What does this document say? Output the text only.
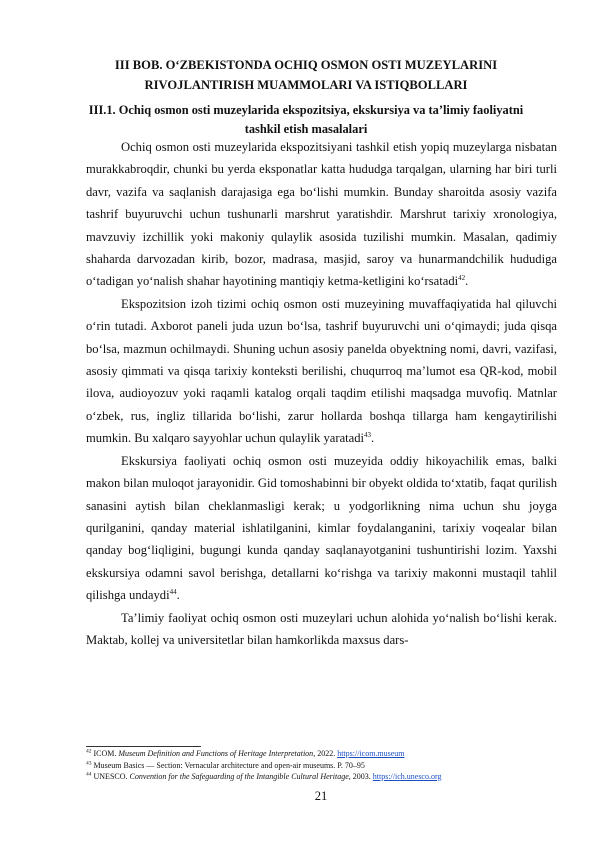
III BOB. O‘ZBEKISTONDA OCHIQ OSMON OSTI MUZEYLARINI RIVOJLANTIRISH MUAMMOLARI VA ISTIQBOLLARI
III.1. Ochiq osmon osti muzeylarida ekspozitsiya, ekskursiya va ta’limiy faoliyatni tashkil etish masalalari

Ochiq osmon osti muzeylarida ekspozitsiyani tashkil etish yopiq muzeylarga nisbatan murakkabroqdir, chunki bu yerda eksponatlar katta hududga tarqalgan, ularning har biri turli davr, vazifa va saqlanish darajasiga ega bo‘lishi mumkin. Bunday sharoitda asosiy vazifa tashrif buyuruvchi uchun tushunarli marshrut yaratishdir. Marshrut tarixiy xronologiya, mavzuviy izchillik yoki makoniy qulaylik asosida tuzilishi mumkin. Masalan, qadimiy shaharda darvozadan kirib, bozor, madrasa, masjid, saroy va hunarmandchilik hududiga o‘tadigan yo‘nalish shahar hayotining mantiqiy ketma-ketligini ko‘rsatadi$^{42}$.

Ekspozitsion izoh tizimi ochiq osmon osti muzeyining muvaffaqiyatida hal qiluvchi o‘rin tutadi. Axborot paneli juda uzun bo‘lsa, tashrif buyuruvchi uni o‘qimaydi; juda qisqa bo‘lsa, mazmun ochilmaydi. Shuning uchun asosiy panelda obyektning nomi, davri, vazifasi, asosiy qimmati va qisqa tarixiy konteksti berilishi, chuqurroq ma’lumot esa QR-kod, mobil ilova, audioyozuv yoki raqamli katalog orqali taqdim etilishi maqsadga muvofiq. Matnlar o‘zbek, rus, ingliz tillarida bo‘lishi, zarur hollarda boshqa tillarga ham kengaytirilishi mumkin. Bu xalqaro sayyohlar uchun qulaylik yaratadi$^{43}$.

Ekskursiya faoliyati ochiq osmon osti muzeyida oddiy hikoyachilik emas, balki makon bilan muloqot jarayonidir. Gid tomoshabinni bir obyekt oldida to‘xtatib, faqat qurilish sanasini aytish bilan cheklanmasligi kerak; u yodgorlikning nima uchun shu joyga qurilganini, qanday material ishlatilganini, kimlar foydalanganini, tarixiy voqealar bilan qanday bog‘liqligini, bugungi kunda qanday saqlanayotganini tushuntirishi lozim. Yaxshi ekskursiya odamni savol berishga, detallarni ko‘rishga va tarixiy makonni mustaqil tahlil qilishga undaydi$^{44}$.

Ta’limiy faoliyat ochiq osmon osti muzeylari uchun alohida yo‘nalish bo‘lishi kerak. Maktab, kollej va universitetlar bilan hamkorlikda maxsus dars-

$^{42}$ ICOM. Museum Definition and Functions of Heritage Interpretation, 2022. https://icom.museum
$^{43}$ Museum Basics — Section: Vernacular architecture and open-air museums. P. 70–95
$^{44}$ UNESCO. Convention for the Safeguarding of the Intangible Cultural Heritage, 2003. https://ich.unesco.org
21
